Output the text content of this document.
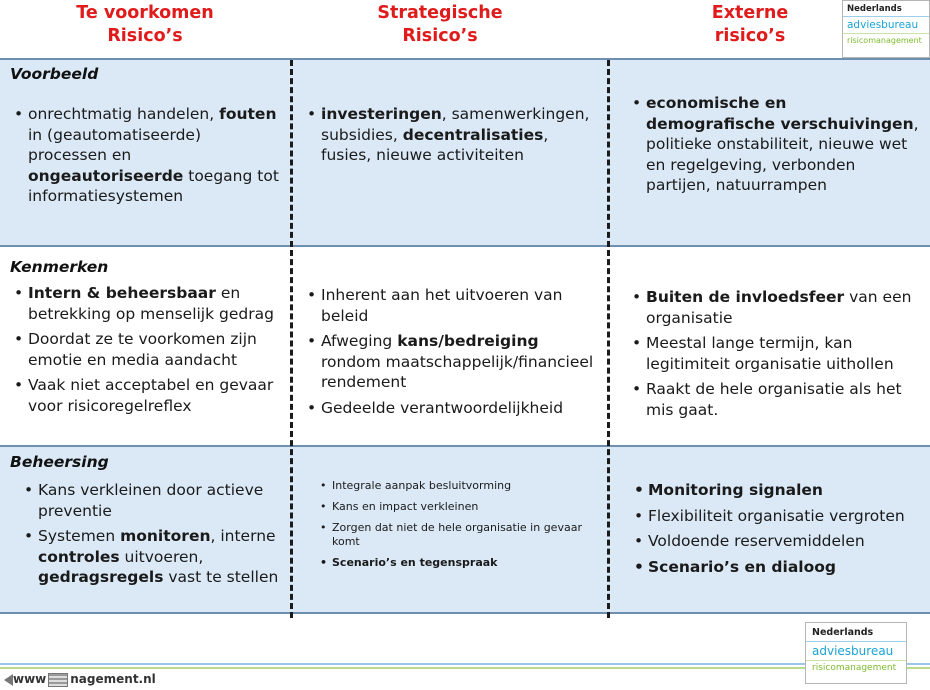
Te voorkomen
Risico’s
Strategische
Risico’s
Externe
risico’s
Nederlands
adviesbureau
risicomanagement
Voorbeeld
Kenmerken
Beheersing
• onrechtmatig handelen, fouten in (geautomatiseerde) processen en ongeautoriseerde toegang tot informatiesystemen
• investeringen, samenwerkingen, subsidies, decentralisaties, fusies, nieuwe activiteiten
• economische en demografische verschuivingen, politieke onstabiliteit, nieuwe wet en regelgeving, verbonden partijen, natuurrampen
• Intern & beheersbaar en betrekking op menselijk gedrag
• Doordat ze te voorkomen zijn emotie en media aandacht
• Vaak niet acceptabel en gevaar voor risicoregelreflex
• Inherent aan het uitvoeren van beleid
• Afweging kans/bedreiging rondom maatschappelijk/financieel rendement
• Gedeelde verantwoordelijkheid
• Buiten de invloedsfeer van een organisatie
• Meestal lange termijn, kan legitimiteit organisatie uithollen
• Raakt de hele organisatie als het mis gaat.
• Kans verkleinen door actieve preventie
• Systemen monitoren, interne controles uitvoeren, gedragsregels vast te stellen
• Integrale aanpak besluitvorming
• Kans en impact verkleinen
• Zorgen dat niet de hele organisatie in gevaar komt
• Scenario’s en tegenspraak
• Monitoring signalen
• Flexibiliteit organisatie vergroten
• Voldoende reservemiddelen
• Scenario’s en dialoog
Nederlands
adviesbureau
risicomanagement
www nagement.nl
